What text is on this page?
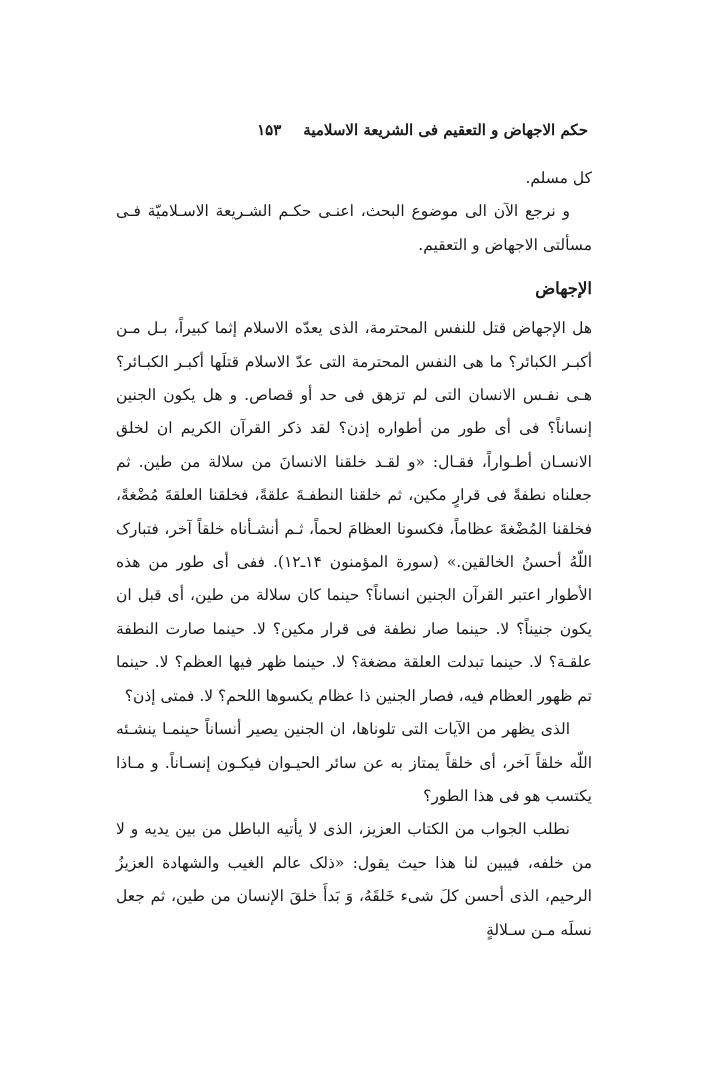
حکم الاجهاض و التعقیم فی الشریعة الاسلامیة
۱۵۳

کل مسلم.

و نرجع الآن الی موضوع البحث، اعنـی حکـم الشـریعة الاسـلامیّة فـی مسألتی الاجهاض و التعقیم.

الإجهاض

هل الإجهاض قتل للنفس المحترمة، الذی یعدّه الاسلام إثما کبیراً، بـل مـن أکبـر الکبائر؟ ما هی النفس المحترمة التی عدّ الاسلام قتلَها أکبـر الکبـائر؟ هـی نفـس الانسان التی لم تزهق فی حد أو قصاص. و هل یکون الجنین إنساناً؟ فی أی طور من أطواره إذن؟ لقد ذکر القرآن الکریم ان لخلق الانسـان أطـواراً، فقـال: «و لقـد خلقنا الانسانَ من سلالة من طین. ثم جعلناه نطفةً فی قرارٍ مکین، ثم خلقنا النطفـةَ علقةً، فخلقنا العلقةَ مُضْغةً، فخلقنا المُضْغةَ عظاماً، فکسونا العظامَ لحماً، ثـم أنشـأناه خلقاً آخر، فتبارک اللّهُ أحسنُ الخالقین.» (سورة المؤمنون ۱۴ـ۱۲). ففی أی طور من هذه الأطوار اعتبر القرآن الجنین انساناً؟ حینما کان سلالة من طین، أی قبل ان یکون جنیناً؟ لا. حینما صار نطفة فی قرار مکین؟ لا. حینما صارت النطفة علقـة؟ لا. حینما تبدلت العلقة مضغة؟ لا. حینما ظهر فیها العظم؟ لا. حینما تم ظهور العظام فیه، فصار الجنین ذا عظام یکسوها اللحم؟ لا. فمتی إذن؟

الذی یظهر من الآیات التی تلوناها، ان الجنین یصیر أنساناً حینمـا ینشـئه اللّه خلقاً آخر، أی خلقاً یمتاز به عن سائر الحیـوان فیکـون إنسـاناً. و مـاذا یکتسب هو فی هذا الطور؟

نطلب الجواب من الکتاب العزیز، الذی لا یأتیه الباطل من بین یدیه و لا من خلفه، فیبین لنا هذا حیث یقول: «ذلک عالم الغیب والشهادة العزیزُ الرحیم، الذی أحسن کلَ شیء خَلقَهُ، وَ بَدأَ خلقَ الإنسان من طین، ثم جعل نسلَه مـن سـلالةٍ
